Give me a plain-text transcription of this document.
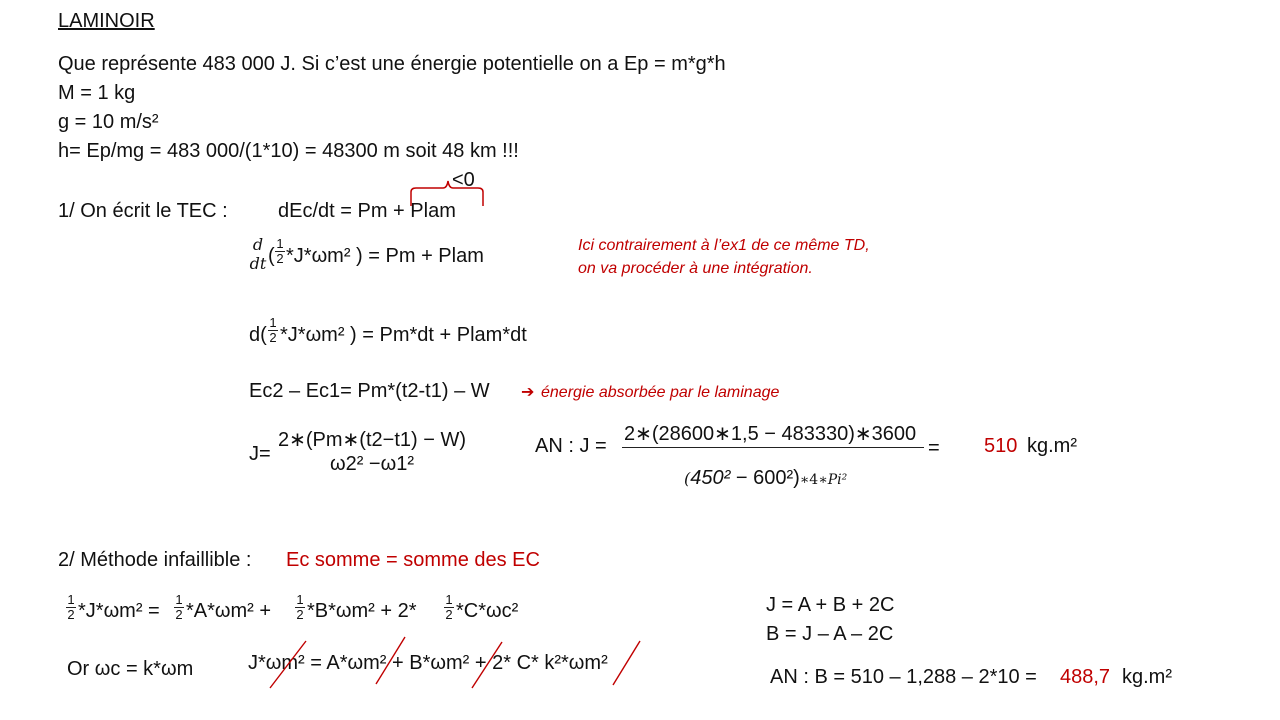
LAMINOIR
Que représente 483 000 J. Si c’est une énergie potentielle on a Ep = m*g*h
M = 1 kg
g = 10 m/s²
h= Ep/mg = 483 000/(1*10) = 48300 m soit 48 km !!!
<0
1/ On écrit le TEC :	dEc/dt = Pm + Plam
d
dt (
1
2 *J*ωm² ) = Pm + Plam	Ici contrairement à l’ex1 de ce même TD,
on va procéder à une intégration.
d(
1
2 *J*ωm² ) = Pm*dt + Plam*dt
Ec2 – Ec1= Pm*(t2-t1) – W ➔ énergie absorbée par le laminage
J=
2∗(Pm∗(t2−t1) − W)
ω2² −ω1²
AN : J =
2∗(28600∗1,5 − 483330)∗3600
(450² − 600²)∗4∗Pi²
= 510 kg.m²
2/ Méthode infaillible : Ec somme = somme des EC
1
2 *J*ωm² =
1
2 *A*ωm² +
1
2 *B*ωm² + 2*
1
2 *C*ωc²
Or ωc = k*ωm	J*ωm² = A*ωm² + B*ωm² + 2* C* k²*ωm²
J = A + B + 2C
B = J – A – 2C
AN : B = 510 – 1,288 – 2*10 = 488,7 kg.m²
